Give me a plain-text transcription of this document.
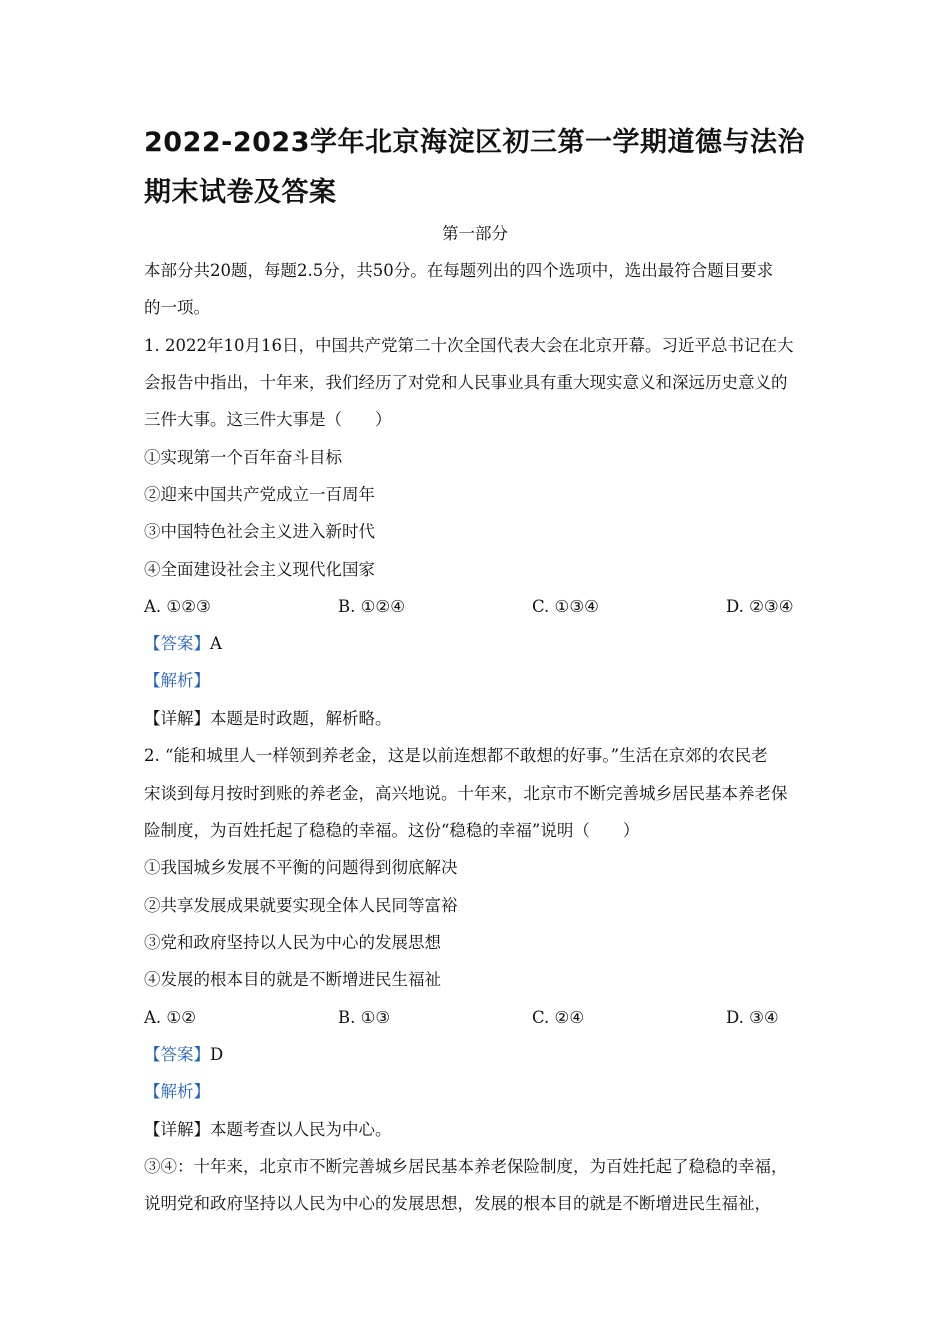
2022-2023学年北京海淀区初三第一学期道德与法治期末试卷及答案
第一部分
本部分共20题，每题2.5分，共50分。在每题列出的四个选项中，选出最符合题目要求
的一项。
1. 2022年10月16日，中国共产党第二十次全国代表大会在北京开幕。习近平总书记在大
会报告中指出，十年来，我们经历了对党和人民事业具有重大现实意义和深远历史意义的
三件大事。这三件大事是（　　）
①实现第一个百年奋斗目标
②迎来中国共产党成立一百周年
③中国特色社会主义进入新时代
④全面建设社会主义现代化国家
A. ①②③	B. ①②④	C. ①③④	D. ②③④
【答案】A
【解析】
【详解】本题是时政题，解析略。
2. “能和城里人一样领到养老金，这是以前连想都不敢想的好事。”生活在京郊的农民老
宋谈到每月按时到账的养老金，高兴地说。十年来，北京市不断完善城乡居民基本养老保
险制度，为百姓托起了稳稳的幸福。这份“稳稳的幸福”说明（　　）
①我国城乡发展不平衡的问题得到彻底解决
②共享发展成果就要实现全体人民同等富裕
③党和政府坚持以人民为中心的发展思想
④发展的根本目的就是不断增进民生福祉
A. ①②	B. ①③	C. ②④	D. ③④
【答案】D
【解析】
【详解】本题考查以人民为中心。
③④：十年来，北京市不断完善城乡居民基本养老保险制度，为百姓托起了稳稳的幸福，
说明党和政府坚持以人民为中心的发展思想，发展的根本目的就是不断增进民生福祉，
